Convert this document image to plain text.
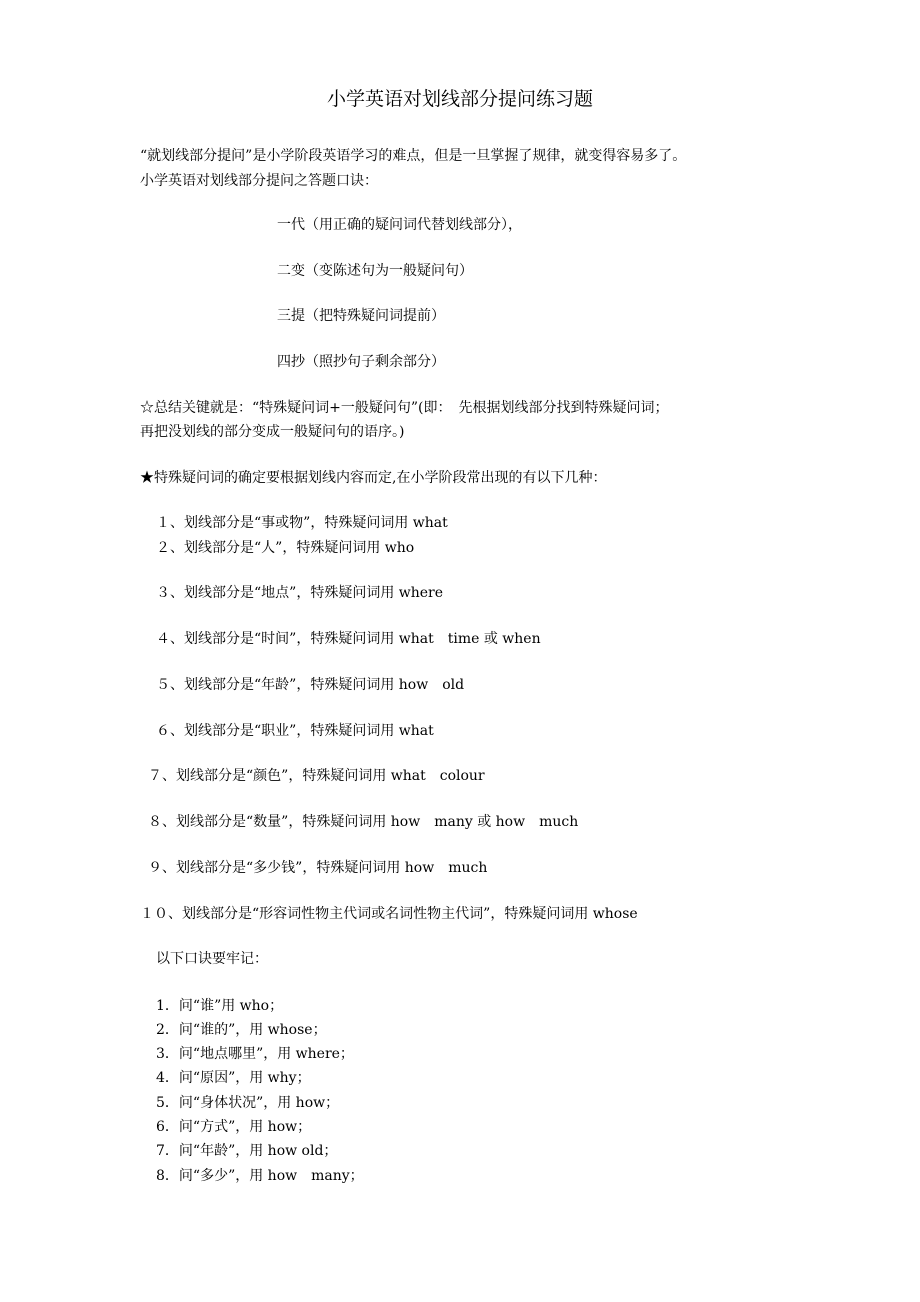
小学英语对划线部分提问练习题
“就划线部分提问”是小学阶段英语学习的难点，但是一旦掌握了规律，就变得容易多了。
小学英语对划线部分提问之答题口诀：
一代（用正确的疑问词代替划线部分），
二变（变陈述句为一般疑问句）
三提（把特殊疑问词提前）
四抄（照抄句子剩余部分）
☆总结关键就是：“特殊疑问词+一般疑问句”(即：　先根据划线部分找到特殊疑问词；
再把没划线的部分变成一般疑问句的语序。)
★特殊疑问词的确定要根据划线内容而定,在小学阶段常出现的有以下几种：
１、划线部分是“事或物”，特殊疑问词用 what
２、划线部分是“人”，特殊疑问词用 who
３、划线部分是“地点”，特殊疑问词用 where
４、划线部分是“时间”，特殊疑问词用 what　time 或 when
５、划线部分是“年龄”，特殊疑问词用 how　old
６、划线部分是“职业”，特殊疑问词用 what
７、划线部分是“颜色”，特殊疑问词用 what　colour
８、划线部分是“数量”，特殊疑问词用 how　many 或 how　much
９、划线部分是“多少钱”，特殊疑问词用 how　much
１０、划线部分是“形容词性物主代词或名词性物主代词”，特殊疑问词用 whose
以下口诀要牢记：
1．问“谁”用 who；
2．问“谁的”，用 whose；
3．问“地点哪里”，用 where；
4．问“原因”，用 why；
5．问“身体状况”，用 how；
6．问“方式”，用 how；
7．问“年龄”，用 how old；
8．问“多少”，用 how　many；
